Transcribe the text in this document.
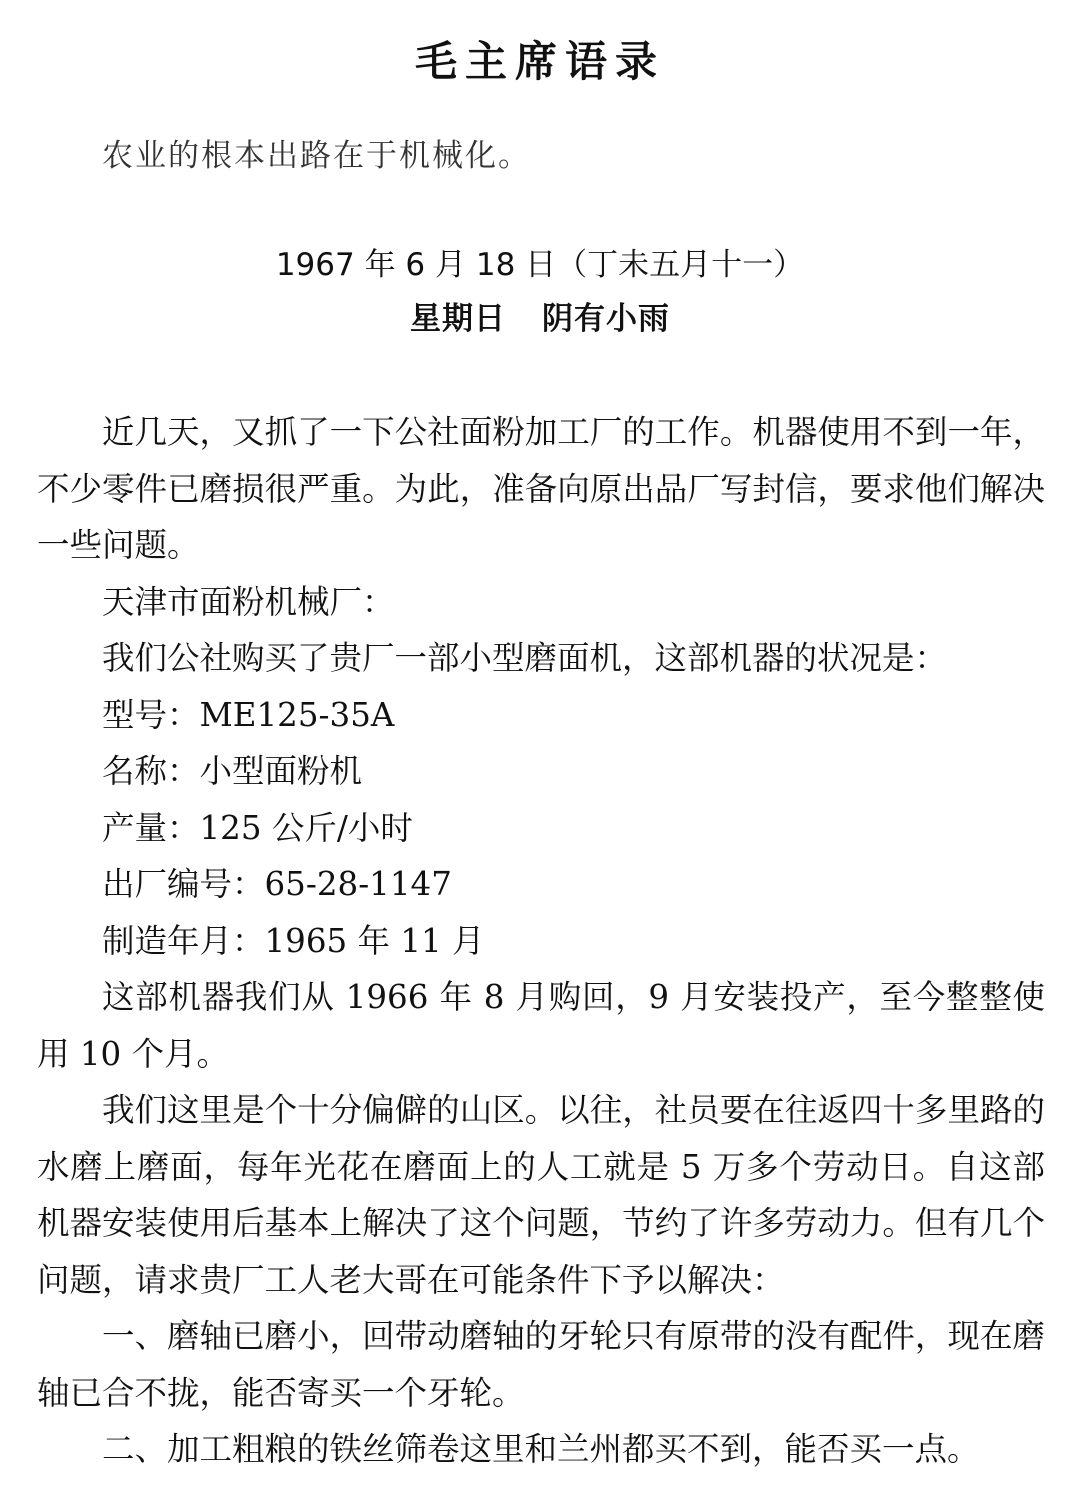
毛主席语录
农业的根本出路在于机械化。
1967 年 6 月 18 日（丁未五月十一）
星期日 阴有小雨

近几天，又抓了一下公社面粉加工厂的工作。机器使用不到一年，不少零件已磨损很严重。为此，准备向原出品厂写封信，要求他们解决一些问题。

天津市面粉机械厂：

我们公社购买了贵厂一部小型磨面机，这部机器的状况是：

型号：ME125-35A

名称：小型面粉机

产量：125 公斤/小时

出厂编号：65-28-1147

制造年月：1965 年 11 月

这部机器我们从 1966 年 8 月购回，9 月安装投产，至今整整使用 10 个月。

我们这里是个十分偏僻的山区。以往，社员要在往返四十多里路的水磨上磨面，每年光花在磨面上的人工就是 5 万多个劳动日。自这部机器安装使用后基本上解决了这个问题，节约了许多劳动力。但有几个问题，请求贵厂工人老大哥在可能条件下予以解决：

一、磨轴已磨小，回带动磨轴的牙轮只有原带的没有配件，现在磨轴已合不拢，能否寄买一个牙轮。

二、加工粗粮的铁丝筛卷这里和兰州都买不到，能否买一点。
